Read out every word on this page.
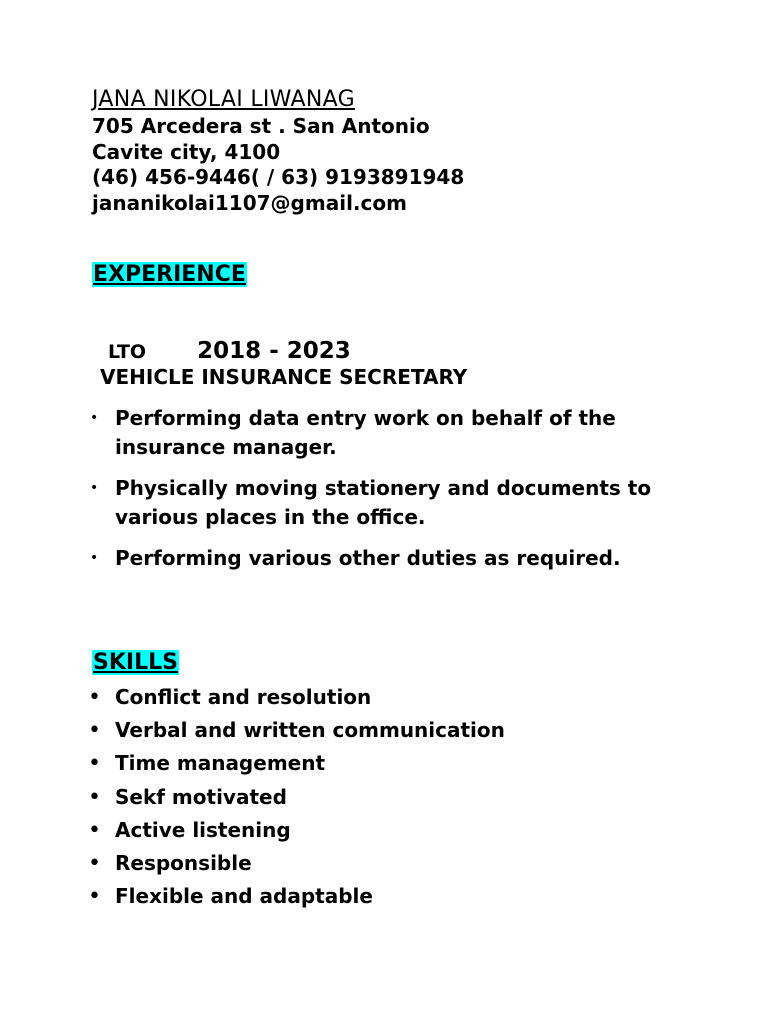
JANA NIKOLAI LIWANAG
705 Arcedera st . San Antonio
Cavite city, 4100
(46) 456-9446( / 63) 9193891948
jananikolai1107@gmail.com
EXPERIENCE
LTO 2018 - 2023
VEHICLE INSURANCE SECRETARY
• Performing data entry work on behalf of the insurance manager.
• Physically moving stationery and documents to various places in the office.
• Performing various other duties as required.
SKILLS
• Conflict and resolution
• Verbal and written communication
• Time management
• Sekf motivated
• Active listening
• Responsible
• Flexible and adaptable
